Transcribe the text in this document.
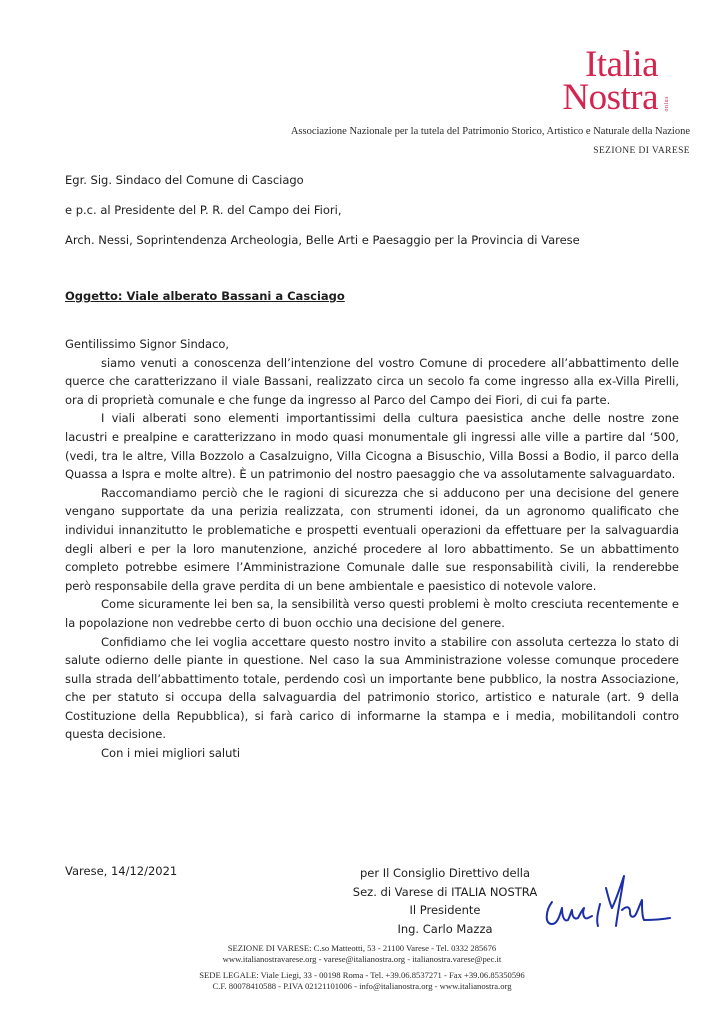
Italia
Nostra onlus
Associazione Nazionale per la tutela del Patrimonio Storico, Artistico e Naturale della Nazione
SEZIONE DI VARESE
Egr. Sig. Sindaco del Comune di Casciago
e p.c. al Presidente del P. R. del Campo dei Fiori,
Arch. Nessi, Soprintendenza Archeologia, Belle Arti e Paesaggio per la Provincia di Varese
Oggetto: Viale alberato Bassani a Casciago

Gentilissimo Signor Sindaco,

siamo venuti a conoscenza dell’intenzione del vostro Comune di procedere all’abbattimento delle querce che caratterizzano il viale Bassani, realizzato circa un secolo fa come ingresso alla ex-Villa Pirelli, ora di proprietà comunale e che funge da ingresso al Parco del Campo dei Fiori, di cui fa parte.

I viali alberati sono elementi importantissimi della cultura paesistica anche delle nostre zone lacustri e prealpine e caratterizzano in modo quasi monumentale gli ingressi alle ville a partire dal ‘500, (vedi, tra le altre, Villa Bozzolo a Casalzuigno, Villa Cicogna a Bisuschio, Villa Bossi a Bodio, il parco della Quassa a Ispra e molte altre). È un patrimonio del nostro paesaggio che va assolutamente salvaguardato.

Raccomandiamo perciò che le ragioni di sicurezza che si adducono per una decisione del genere vengano supportate da una perizia realizzata, con strumenti idonei, da un agronomo qualificato che individui innanzitutto le problematiche e prospetti eventuali operazioni da effettuare per la salvaguardia degli alberi e per la loro manutenzione, anziché procedere al loro abbattimento. Se un abbattimento completo potrebbe esimere l’Amministrazione Comunale dalle sue responsabilità civili, la renderebbe però responsabile della grave perdita di un bene ambientale e paesistico di notevole valore.

Come sicuramente lei ben sa, la sensibilità verso questi problemi è molto cresciuta recentemente e la popolazione non vedrebbe certo di buon occhio una decisione del genere.

Confidiamo che lei voglia accettare questo nostro invito a stabilire con assoluta certezza lo stato di salute odierno delle piante in questione. Nel caso la sua Amministrazione volesse comunque procedere sulla strada dell’abbattimento totale, perdendo così un importante bene pubblico, la nostra Associazione, che per statuto si occupa della salvaguardia del patrimonio storico, artistico e naturale (art. 9 della Costituzione della Repubblica), si farà carico di informarne la stampa e i media, mobilitandoli contro questa decisione.

Con i miei migliori saluti

Varese, 14/12/2021	per Il Consiglio Direttivo della
Sez. di Varese di ITALIA NOSTRA
Il Presidente
Ing. Carlo Mazza
SEZIONE DI VARESE: C.so Matteotti, 53 - 21100 Varese - Tel. 0332 285676
www.italianostravarese.org - varese@italianostra.org - italianostra.varese@pec.it
SEDE LEGALE: Viale Liegi, 33 - 00198 Roma - Tel. +39.06.8537271 - Fax +39.06.85350596
C.F. 80078410588 - P.IVA 02121101006 - info@italianostra.org - www.italianostra.org
